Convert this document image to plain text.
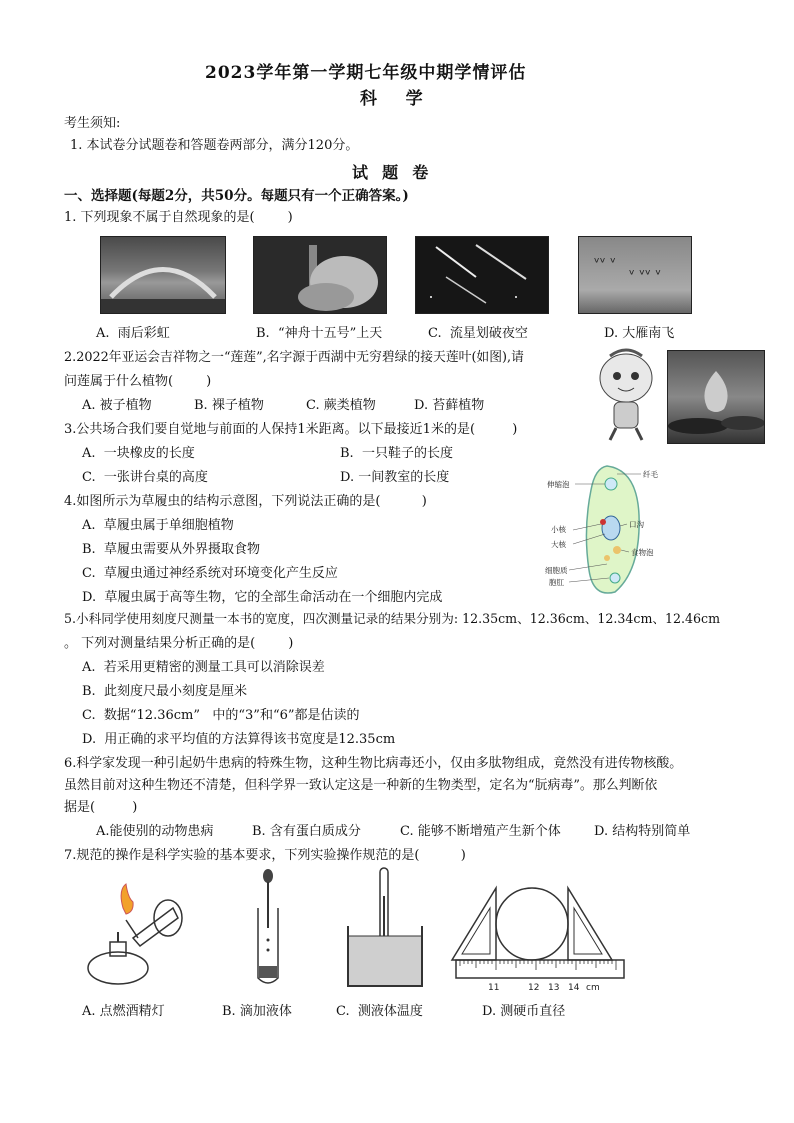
2023学年第一学期七年级中期学情评估
科    学
考生须知:
1. 本试卷分试题卷和答题卷两部分，满分120分。
试  题  卷
一、选择题(每题2分，共50分。每题只有一个正确答案。)
1. 下列现象不属于自然现象的是(        )
ᵛᵛ ᵛ
ᵛ ᵛᵛ ᵛ
A.  雨后彩虹	B.  “神舟十五号”上天	C.  流星划破夜空	D. 大雁南飞
2.2022年亚运会吉祥物之一“莲莲”,名字源于西湖中无穷碧绿的接天莲叶(如图),请
问莲属于什么植物(        )
A. 被子植物	B. 裸子植物	C. 蕨类植物	D. 苔藓植物
3.公共场合我们要自觉地与前面的人保持1米距离。以下最接近1米的是(         )
A.  一块橡皮的长度	B.  一只鞋子的长度
C.  一张讲台桌的高度	D. 一间教室的长度
4.如图所示为草履虫的结构示意图，下列说法正确的是(          )
A.  草履虫属于单细胞植物
B.  草履虫需要从外界摄取食物
C.  草履虫通过神经系统对环境变化产生反应
D.  草履虫属于高等生物，它的全部生命活动在一个细胞内完成
伸缩泡
纤毛
小核
大核
口沟
食物泡
细胞质
胞肛
5.小科同学使用刻度尺测量一本书的宽度，四次测量记录的结果分别为: 12.35cm、12.36cm、12.34cm、12.46cm
。 下列对测量结果分析正确的是(        )
A.  若采用更精密的测量工具可以消除误差
B.  此刻度尺最小刻度是厘米
C.  数据“12.36cm”   中的“3”和“6”都是估读的
D.  用正确的求平均值的方法算得该书宽度是12.35cm
6.科学家发现一种引起奶牛患病的特殊生物，这种生物比病毒还小，仅由多肽物组成，竟然没有进传物核酸。
虽然目前对这种生物还不清楚，但科学界一致认定这是一种新的生物类型，定名为“朊病毒”。那么判断依
据是(         )
A.能使别的动物患病	B. 含有蛋白质成分	C. 能够不断增殖产生新个体	D. 结构特别简单
7.规范的操作是科学实验的基本要求，下列实验操作规范的是(          )
11	12 13 14 cm
A. 点燃酒精灯	B. 滴加液体	C.  测液体温度	D. 测硬币直径
